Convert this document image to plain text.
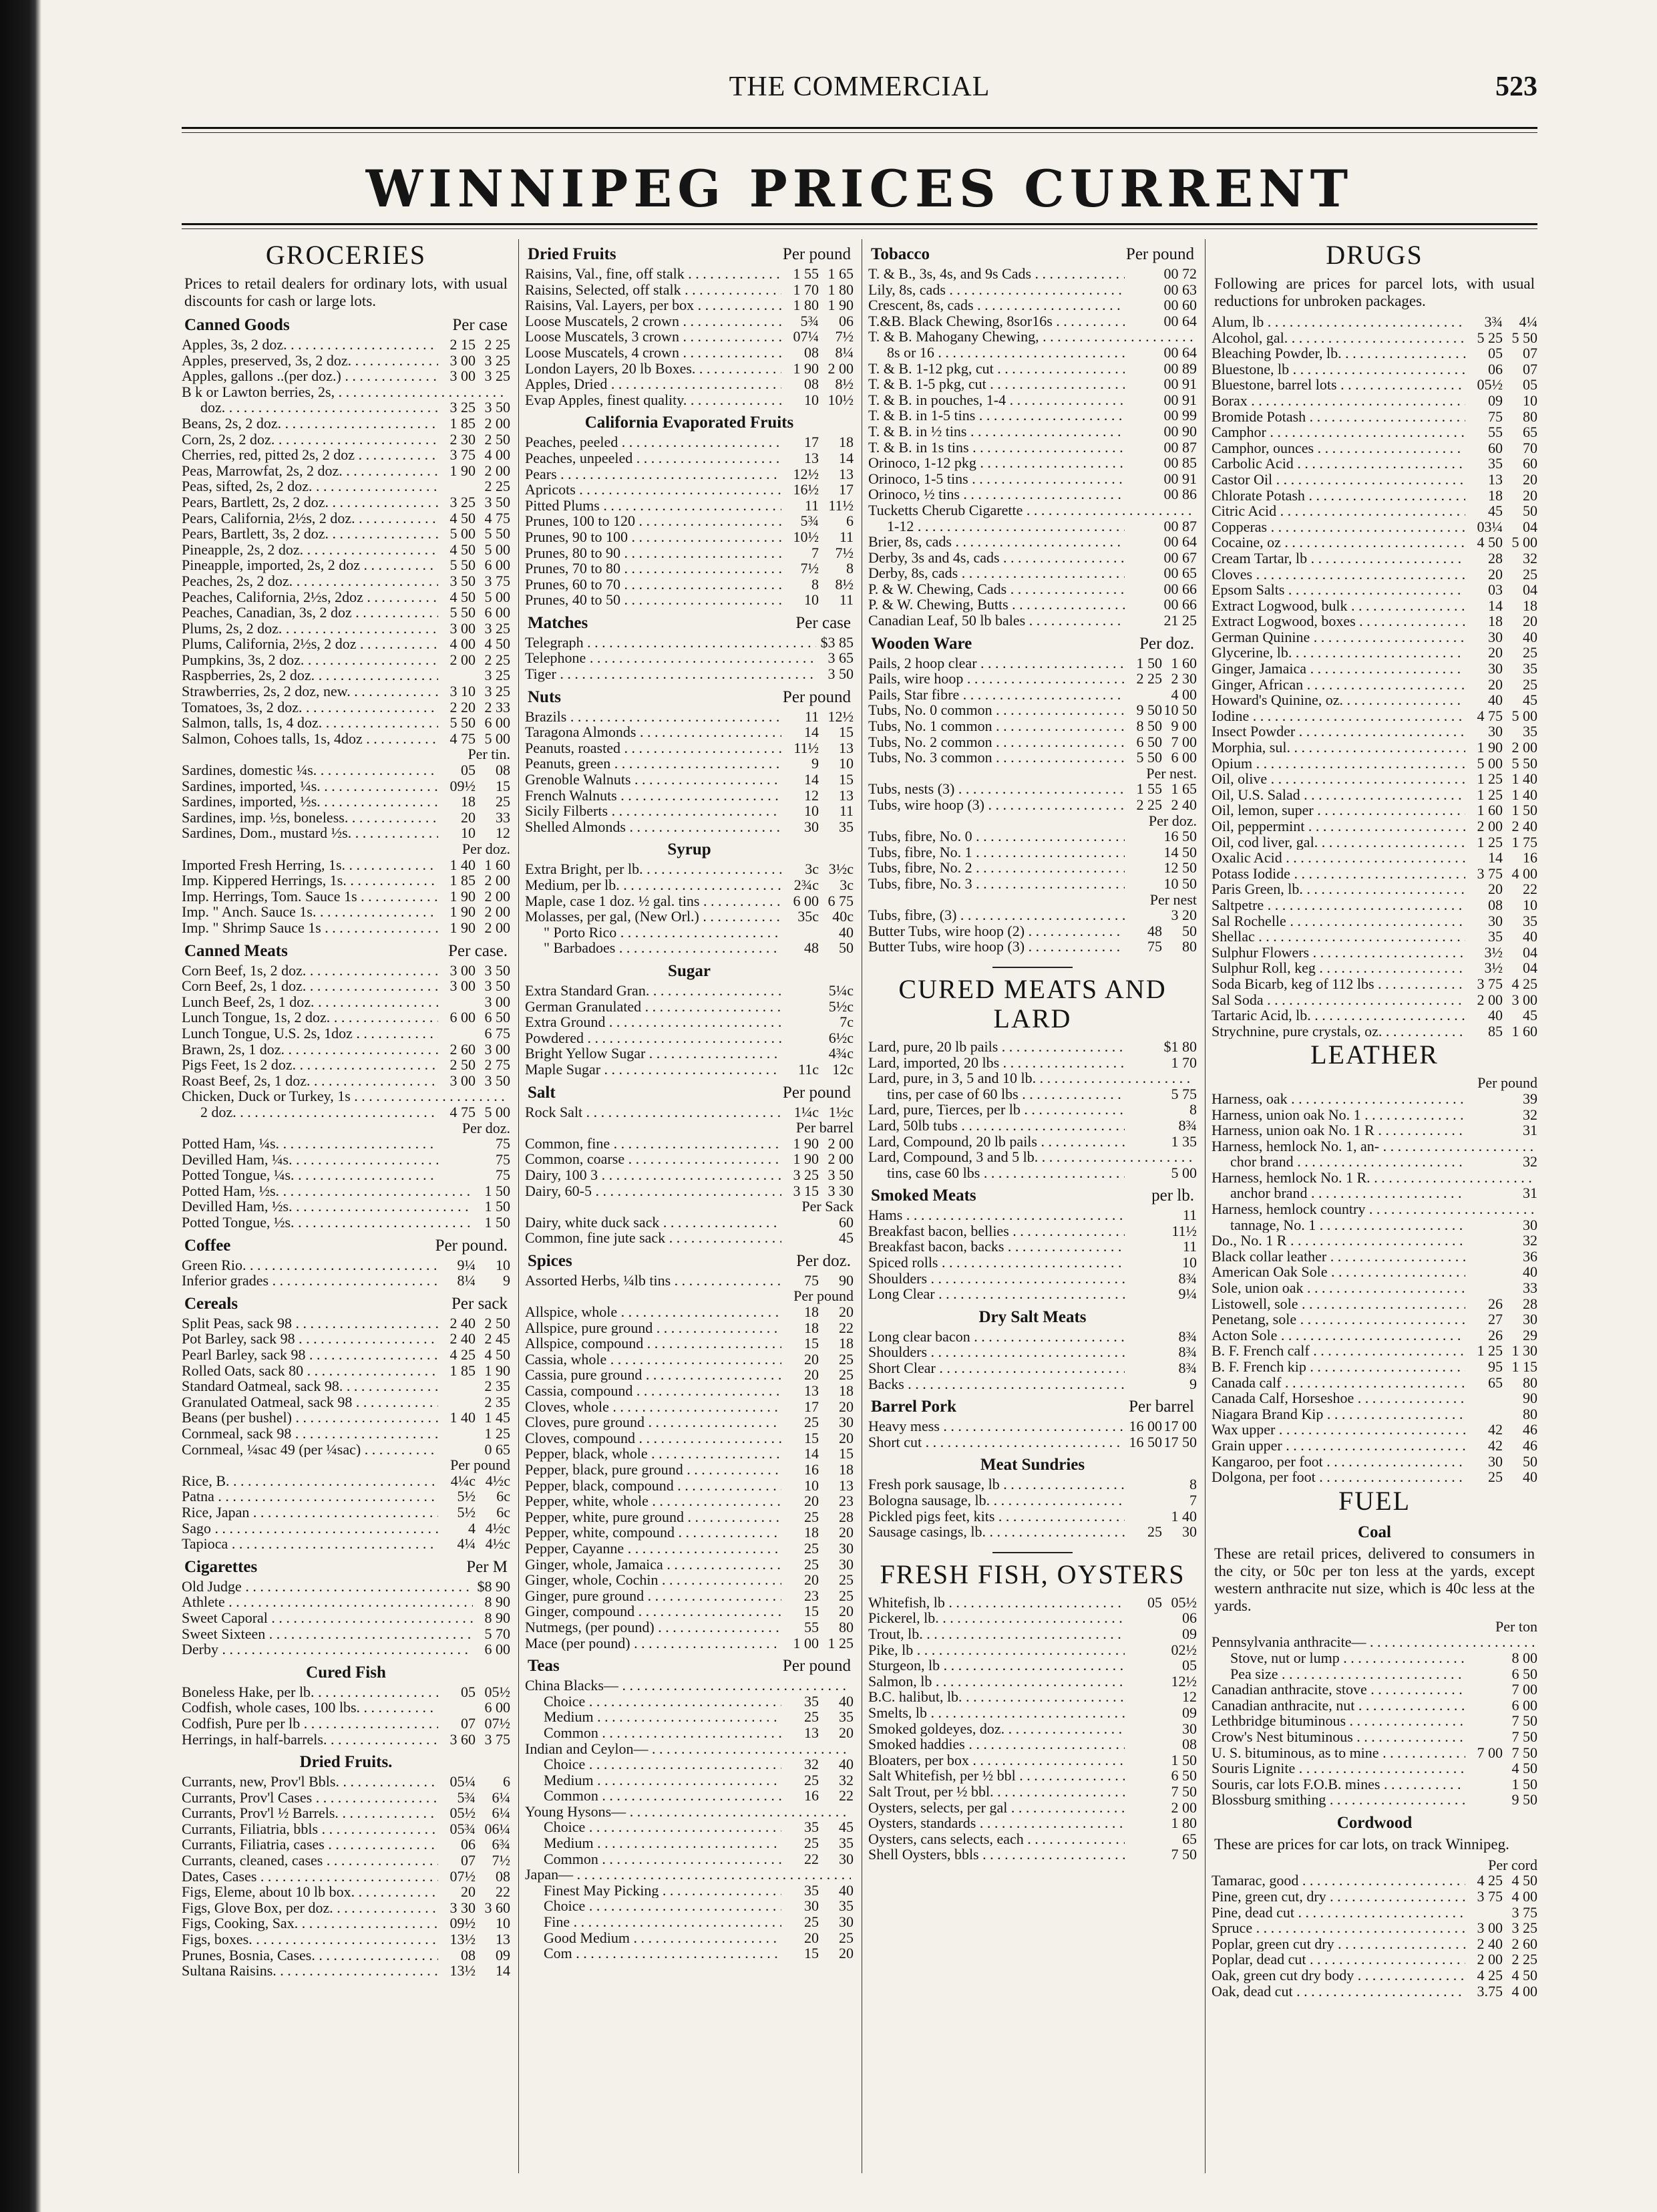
THE COMMERCIAL	523
WINNIPEG PRICES CURRENT
GROCERIES
Prices to retail dealers for ordinary lots, with usual discounts for cash or large lots.
Canned Goods	Per case
Apples, 3s, 2 doz. . . .	2 15 2 25
Apples, preserved, 3s, 2 doz. . . .	3 00 3 25
Apples, gallons ..(per doz.) . . .	3 00 3 25
B k or Lawton berries, 2s, . . .
doz. . . .	3 25 3 50
Beans, 2s, 2 doz. . . .	1 85 2 00
Corn, 2s, 2 doz. . . .	2 30 2 50
Cherries, red, pitted 2s, 2 doz . . .	3 75 4 00
Peas, Marrowfat, 2s, 2 doz. . . .	1 90 2 00
Peas, sifted, 2s, 2 doz. . . .	2 25
Pears, Bartlett, 2s, 2 doz. . . .	3 25 3 50
Pears, California, 2½s, 2 doz. . . .	4 50 4 75
Pears, Bartlett, 3s, 2 doz. . . .	5 00 5 50
Pineapple, 2s, 2 doz. . . .	4 50 5 00
Pineapple, imported, 2s, 2 doz . . .	5 50 6 00
Peaches, 2s, 2 doz. . . .	3 50 3 75
Peaches, California, 2½s, 2doz . . .	4 50 5 00
Peaches, Canadian, 3s, 2 doz . . .	5 50 6 00
Plums, 2s, 2 doz. . . .	3 00 3 25
Plums, California, 2½s, 2 doz . . .	4 00 4 50
Pumpkins, 3s, 2 doz. . . .	2 00 2 25
Raspberries, 2s, 2 doz. . . .	3 25
Strawberries, 2s, 2 doz, new. . . .	3 10 3 25
Tomatoes, 3s, 2 doz. . . .	2 20 2 33
Salmon, talls, 1s, 4 doz. . . .	5 50 6 00
Salmon, Cohoes talls, 1s, 4doz . . .	4 75 5 00
Per tin.
Sardines, domestic ¼s. . . .	05 08
Sardines, imported, ¼s. . . .	09½ 15
Sardines, imported, ½s. . . .	18 25
Sardines, imp. ½s, boneless. . . .	20 33
Sardines, Dom., mustard ½s. . . .	10 12
Per doz.
Imported Fresh Herring, 1s. . . .	1 40 1 60
Imp. Kippered Herrings, 1s. . . .	1 85 2 00
Imp. Herrings, Tom. Sauce 1s . . .	1 90 2 00
Imp. " Anch. Sauce 1s. . . .	1 90 2 00
Imp. " Shrimp Sauce 1s . . .	1 90 2 00
Canned Meats	Per case.
Corn Beef, 1s, 2 doz. . . .	3 00 3 50
Corn Beef, 2s, 1 doz. . . .	3 00 3 50
Lunch Beef, 2s, 1 doz. . . .	3 00
Lunch Tongue, 1s, 2 doz. . . .	6 00 6 50
Lunch Tongue, U.S. 2s, 1doz . . .	6 75
Brawn, 2s, 1 doz. . . .	2 60 3 00
Pigs Feet, 1s 2 doz. . . .	2 50 2 75
Roast Beef, 2s, 1 doz. . . .	3 00 3 50
Chicken, Duck or Turkey, 1s . . .
2 doz. . . .	4 75 5 00
Per doz.
Potted Ham, ¼s. . . .	75
Devilled Ham, ¼s. . . .	75
Potted Tongue, ¼s. . . .	75
Potted Ham, ½s. . . .	1 50
Devilled Ham, ½s. . . .	1 50
Potted Tongue, ½s. . . .	1 50
Coffee	Per pound.
Green Rio. . . .	9¼ 10
Inferior grades . . .	8¼ 9
Cereals	Per sack
Split Peas, sack 98 . . .	2 40 2 50
Pot Barley, sack 98 . . .	2 40 2 45
Pearl Barley, sack 98 . . .	4 25 4 50
Rolled Oats, sack 80 . . .	1 85 1 90
Standard Oatmeal, sack 98. . . .	2 35
Granulated Oatmeal, sack 98 . . .	2 35
Beans (per bushel) . . .	1 40 1 45
Cornmeal, sack 98 . . .	1 25
Cornmeal, ¼sac 49 (per ¼sac) . . .	0 65
Per pound
Rice, B. . . .	4¼c 4½c
Patna . . .	5½ 6c
Rice, Japan . . .	5½ 6c
Sago . . .	4 4½c
Tapioca . . .	4¼ 4½c
Cigarettes	Per M
Old Judge . . .	$8 90
Athlete . . .	8 90
Sweet Caporal . . .	8 90
Sweet Sixteen . . .	5 70
Derby . . .	6 00
Cured Fish
Boneless Hake, per lb. . . .	05 05½
Codfish, whole cases, 100 lbs. . . .	6 00
Codfish, Pure per lb . . .	07 07½
Herrings, in half-barrels. . . .	3 60 3 75
Dried Fruits.
Currants, new, Prov'l Bbls. . . .	05¼ 6
Currants, Prov'l Cases . . .	5¾ 6¼
Currants, Prov'l ½ Barrels. . . .	05½ 6¼
Currants, Filiatria, bbls . . .	05¾ 06¼
Currants, Filiatria, cases . . .	06 6¾
Currants, cleaned, cases . . .	07 7½
Dates, Cases . . .	07½ 08
Figs, Eleme, about 10 lb box. . . .	20 22
Figs, Glove Box, per doz. . . .	3 30 3 60
Figs, Cooking, Sax. . . .	09½ 10
Figs, boxes. . . .	13½ 13
Prunes, Bosnia, Cases. . . .	08 09
Sultana Raisins. . . .	13½ 14
Dried Fruits	Per pound
Raisins, Val., fine, off stalk . . .	1 55 1 65
Raisins, Selected, off stalk . . .	1 70 1 80
Raisins, Val. Layers, per box . . .	1 80 1 90
Loose Muscatels, 2 crown . . .	5¾ 06
Loose Muscatels, 3 crown . . .	07¼ 7½
Loose Muscatels, 4 crown . . .	08 8¼
London Layers, 20 lb Boxes. . . .	1 90 2 00
Apples, Dried . . .	08 8½
Evap Apples, finest quality. . . .	10 10½
California Evaporated Fruits
Peaches, peeled . . .	17 18
Peaches, unpeeled . . .	13 14
Pears . . .	12½ 13
Apricots . . .	16½ 17
Pitted Plums . . .	11 11½
Prunes, 100 to 120 . . .	5¾ 6
Prunes, 90 to 100 . . .	10½ 11
Prunes, 80 to 90 . . .	7 7½
Prunes, 70 to 80 . . .	7½ 8
Prunes, 60 to 70 . . .	8 8½
Prunes, 40 to 50 . . .	10 11
Matches	Per case
Telegraph . . .	$3 85
Telephone . . .	3 65
Tiger . . .	3 50
Nuts	Per pound
Brazils . . .	11 12½
Taragona Almonds . . .	14 15
Peanuts, roasted . . .	11½ 13
Peanuts, green . . .	9 10
Grenoble Walnuts . . .	14 15
French Walnuts . . .	12 13
Sicily Filberts . . .	10 11
Shelled Almonds . . .	30 35
Syrup
Extra Bright, per lb. . . .	3c 3½c
Medium, per lb. . . .	2¾c 3c
Maple, case 1 doz. ½ gal. tins . . .	6 00 6 75
Molasses, per gal, (New Orl.) . . .	35c 40c
" Porto Rico . . .	40
" Barbadoes . . .	48 50
Sugar
Extra Standard Gran. . . .	5¼c
German Granulated . . .	5½c
Extra Ground . . .	7c
Powdered . . .	6½c
Bright Yellow Sugar . . .	4¾c
Maple Sugar . . .	11c 12c
Salt	Per pound
Rock Salt . . .	1¼c 1½c
Per barrel
Common, fine . . .	1 90 2 00
Common, coarse . . .	1 90 2 00
Dairy, 100 3 . . .	3 25 3 50
Dairy, 60-5 . . .	3 15 3 30
Per Sack
Dairy, white duck sack . . .	60
Common, fine jute sack . . .	45
Spices	Per doz.
Assorted Herbs, ¼lb tins . . .	75 90
Per pound
Allspice, whole . . .	18 20
Allspice, pure ground . . .	18 22
Allspice, compound . . .	15 18
Cassia, whole . . .	20 25
Cassia, pure ground . . .	20 25
Cassia, compound . . .	13 18
Cloves, whole . . .	17 20
Cloves, pure ground . . .	25 30
Cloves, compound . . .	15 20
Pepper, black, whole . . .	14 15
Pepper, black, pure ground . . .	16 18
Pepper, black, compound . . .	10 13
Pepper, white, whole . . .	20 23
Pepper, white, pure ground . . .	25 28
Pepper, white, compound . . .	18 20
Pepper, Cayanne . . .	25 30
Ginger, whole, Jamaica . . .	25 30
Ginger, whole, Cochin . . .	20 25
Ginger, pure ground . . .	23 25
Ginger, compound . . .	15 20
Nutmegs, (per pound) . . .	55 80
Mace (per pound) . . .	1 00 1 25
Teas	Per pound
China Blacks— . . .
Choice . . .	35 40
Medium . . .	25 35
Common . . .	13 20
Indian and Ceylon— . . .
Choice . . .	32 40
Medium . . .	25 32
Common . . .	16 22
Young Hysons— . . .
Choice . . .	35 45
Medium . . .	25 35
Common . . .	22 30
Japan— . . .
Finest May Picking . . .	35 40
Choice . . .	30 35
Fine . . .	25 30
Good Medium . . .	20 25
Com . . .	15 20
Tobacco	Per pound
T. & B., 3s, 4s, and 9s Cads . . .	00 72
Lily, 8s, cads . . .	00 63
Crescent, 8s, cads . . .	00 60
T.&B. Black Chewing, 8sor16s . . .	00 64
T. & B. Mahogany Chewing, . . .
8s or 16 . . .	00 64
T. & B. 1-12 pkg, cut . . .	00 89
T. & B. 1-5 pkg, cut . . .	00 91
T. & B. in pouches, 1-4 . . .	00 91
T. & B. in 1-5 tins . . .	00 99
T. & B. in ½ tins . . .	00 90
T. & B. in 1s tins . . .	00 87
Orinoco, 1-12 pkg . . .	00 85
Orinoco, 1-5 tins . . .	00 91
Orinoco, ½ tins . . .	00 86
Tucketts Cherub Cigarette . . .
1-12 . . .	00 87
Brier, 8s, cads . . .	00 64
Derby, 3s and 4s, cads . . .	00 67
Derby, 8s, cads . . .	00 65
P. & W. Chewing, Cads . . .	00 66
P. & W. Chewing, Butts . . .	00 66
Canadian Leaf, 50 lb bales . . .	21 25
Wooden Ware	Per doz.
Pails, 2 hoop clear . . .	1 50 1 60
Pails, wire hoop . . .	2 25 2 30
Pails, Star fibre . . .	4 00
Tubs, No. 0 common . . .	9 50 10 50
Tubs, No. 1 common . . .	8 50 9 00
Tubs, No. 2 common . . .	6 50 7 00
Tubs, No. 3 common . . .	5 50 6 00
Per nest.
Tubs, nests (3) . . .	1 55 1 65
Tubs, wire hoop (3) . . .	2 25 2 40
Per doz.
Tubs, fibre, No. 0 . . .	16 50
Tubs, fibre, No. 1 . . .	14 50
Tubs, fibre, No. 2 . . .	12 50
Tubs, fibre, No. 3 . . .	10 50
Per nest
Tubs, fibre, (3) . . .	3 20
Butter Tubs, wire hoop (2) . . .	48 50
Butter Tubs, wire hoop (3) . . .	75 80
CURED MEATS AND LARD
Lard, pure, 20 lb pails . . .	$1 80
Lard, imported, 20 lbs . . .	1 70
Lard, pure, in 3, 5 and 10 lb. . . .
tins, per case of 60 lbs . . .	5 75
Lard, pure, Tierces, per lb . . .	8
Lard, 50lb tubs . . .	8¾
Lard, Compound, 20 lb pails . . .	1 35
Lard, Compound, 3 and 5 lb. . . .
tins, case 60 lbs . . .	5 00
Smoked Meats	per lb.
Hams . . .	11
Breakfast bacon, bellies . . .	11½
Breakfast bacon, backs . . .	11
Spiced rolls . . .	10
Shoulders . . .	8¾
Long Clear . . .	9¼
Dry Salt Meats
Long clear bacon . . .	8¾
Shoulders . . .	8¾
Short Clear . . .	8¾
Backs . . .	9
Barrel Pork	Per barrel
Heavy mess . . .	16 00 17 00
Short cut . . .	16 50 17 50
Meat Sundries
Fresh pork sausage, lb . . .	8
Bologna sausage, lb. . . .	7
Pickled pigs feet, kits . . .	1 40
Sausage casings, lb. . . .	25 30
FRESH FISH, OYSTERS
Whitefish, lb . . .	05 05½
Pickerel, lb. . . .	06
Trout, lb. . . .	09
Pike, lb . . .	02½
Sturgeon, lb . . .	05
Salmon, lb . . .	12½
B.C. halibut, lb. . . .	12
Smelts, lb . . .	09
Smoked goldeyes, doz. . . .	30
Smoked haddies . . .	08
Bloaters, per box . . .	1 50
Salt Whitefish, per ½ bbl . . .	6 50
Salt Trout, per ½ bbl. . . .	7 50
Oysters, selects, per gal . . .	2 00
Oysters, standards . . .	1 80
Oysters, cans selects, each . . .	65
Shell Oysters, bbls . . .	7 50
DRUGS
Following are prices for parcel lots, with usual reductions for unbroken packages.
Alum, lb . . .	3¾ 4¼
Alcohol, gal. . . .	5 25 5 50
Bleaching Powder, lb. . . .	05 07
Bluestone, lb . . .	06 07
Bluestone, barrel lots . . .	05½ 05
Borax . . .	09 10
Bromide Potash . . .	75 80
Camphor . . .	55 65
Camphor, ounces . . .	60 70
Carbolic Acid . . .	35 60
Castor Oil . . .	13 20
Chlorate Potash . . .	18 20
Citric Acid . . .	45 50
Copperas . . .	03¼ 04
Cocaine, oz . . .	4 50 5 00
Cream Tartar, lb . . .	28 32
Cloves . . .	20 25
Epsom Salts . . .	03 04
Extract Logwood, bulk . . .	14 18
Extract Logwood, boxes . . .	18 20
German Quinine . . .	30 40
Glycerine, lb. . . .	20 25
Ginger, Jamaica . . .	30 35
Ginger, African . . .	20 25
Howard's Quinine, oz. . . .	40 45
Iodine . . .	4 75 5 00
Insect Powder . . .	30 35
Morphia, sul. . . .	1 90 2 00
Opium . . .	5 00 5 50
Oil, olive . . .	1 25 1 40
Oil, U.S. Salad . . .	1 25 1 40
Oil, lemon, super . . .	1 60 1 50
Oil, peppermint . . .	2 00 2 40
Oil, cod liver, gal. . . .	1 25 1 75
Oxalic Acid . . .	14 16
Potass Iodide . . .	3 75 4 00
Paris Green, lb. . . .	20 22
Saltpetre . . .	08 10
Sal Rochelle . . .	30 35
Shellac . . .	35 40
Sulphur Flowers . . .	3½ 04
Sulphur Roll, keg . . .	3½ 04
Soda Bicarb, keg of 112 lbs . . .	3 75 4 25
Sal Soda . . .	2 00 3 00
Tartaric Acid, lb. . . .	40 45
Strychnine, pure crystals, oz. . . .	85 1 60
LEATHER
Per pound
Harness, oak . . .	39
Harness, union oak No. 1 . . .	32
Harness, union oak No. 1 R . . .	31
Harness, hemlock No. 1, an- . . .
chor brand . . .	32
Harness, hemlock No. 1 R. . . .
anchor brand . . .	31
Harness, hemlock country . . .
tannage, No. 1 . . .	30
Do., No. 1 R . . .	32
Black collar leather . . .	36
American Oak Sole . . .	40
Sole, union oak . . .	33
Listowell, sole . . .	26 28
Penetang, sole . . .	27 30
Acton Sole . . .	26 29
B. F. French calf . . .	1 25 1 30
B. F. French kip . . .	95 1 15
Canada calf . . .	65 80
Canada Calf, Horseshoe . . .	90
Niagara Brand Kip . . .	80
Wax upper . . .	42 46
Grain upper . . .	42 46
Kangaroo, per foot . . .	30 50
Dolgona, per foot . . .	25 40
FUEL
Coal
These are retail prices, delivered to consumers in the city, or 50c per ton less at the yards, except western anthracite nut size, which is 40c less at the yards.
Per ton
Pennsylvania anthracite— . . .
Stove, nut or lump . . .	8 00
Pea size . . .	6 50
Canadian anthracite, stove . . .	7 00
Canadian anthracite, nut . . .	6 00
Lethbridge bituminous . . .	7 50
Crow's Nest bituminous . . .	7 50
U. S. bituminous, as to mine . . .	7 00 7 50
Souris Lignite . . .	4 50
Souris, car lots F.O.B. mines . . .	1 50
Blossburg smithing . . .	9 50
Cordwood
These are prices for car lots, on track Winnipeg.
Per cord
Tamarac, good . . .	4 25 4 50
Pine, green cut, dry . . .	3 75 4 00
Pine, dead cut . . .	3 75
Spruce . . .	3 00 3 25
Poplar, green cut dry . . .	2 40 2 60
Poplar, dead cut . . .	2 00 2 25
Oak, green cut dry body . . .	4 25 4 50
Oak, dead cut . . .	3.75 4 00
